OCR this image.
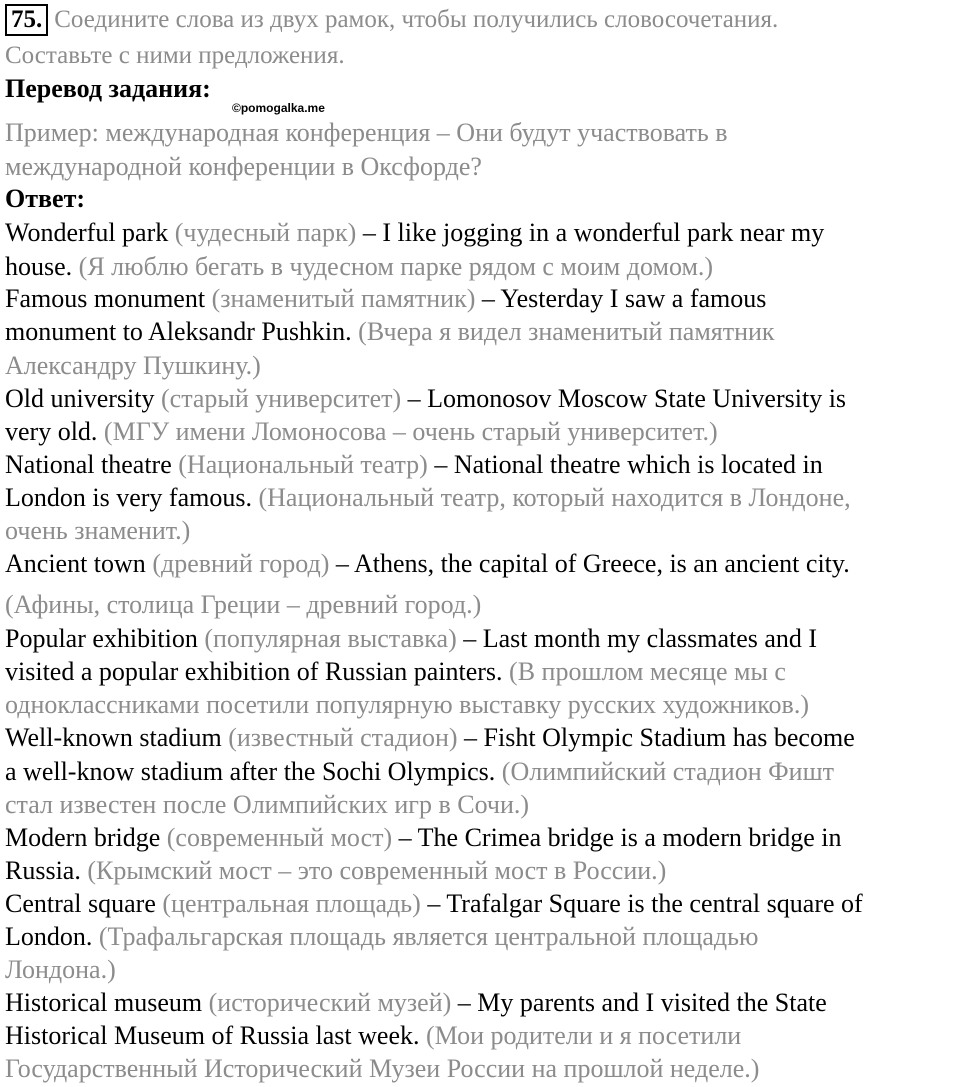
75. Соедините слова из двух рамок, чтобы получились словосочетания.
Составьте с ними предложения.
Перевод задания:
©pomogalka.me
Пример: международная конференция – Они будут участвовать в
международной конференции в Оксфорде?
Ответ:
Wonderful park (чудесный парк) – I like jogging in a wonderful park near my
house. (Я люблю бегать в чудесном парке рядом с моим домом.)
Famous monument (знаменитый памятник) – Yesterday I saw a famous
monument to Aleksandr Pushkin. (Вчера я видел знаменитый памятник
Александру Пушкину.)
Old university (старый университет) – Lomonosov Moscow State University is
very old. (МГУ имени Ломоносова – очень старый университет.)
National theatre (Национальный театр) – National theatre which is located in
London is very famous. (Национальный театр, который находится в Лондоне,
очень знаменит.)
Ancient town (древний город) – Athens, the capital of Greece, is an ancient city.
(Афины, столица Греции – древний город.)
Popular exhibition (популярная выставка) – Last month my classmates and I
visited a popular exhibition of Russian painters. (В прошлом месяце мы с
одноклассниками посетили популярную выставку русских художников.)
Well-known stadium (известный стадион) – Fisht Olympic Stadium has become
a well-know stadium after the Sochi Olympics. (Олимпийский стадион Фишт
стал известен после Олимпийских игр в Сочи.)
Modern bridge (современный мост) – The Crimea bridge is a modern bridge in
Russia. (Крымский мост – это современный мост в России.)
Central square (центральная площадь) – Trafalgar Square is the central square of
London. (Трафальгарская площадь является центральной площадью
Лондона.)
Historical museum (исторический музей) – My parents and I visited the State
Historical Museum of Russia last week. (Мои родители и я посетили
Государственный Исторический Музеи России на прошлой неделе.)
